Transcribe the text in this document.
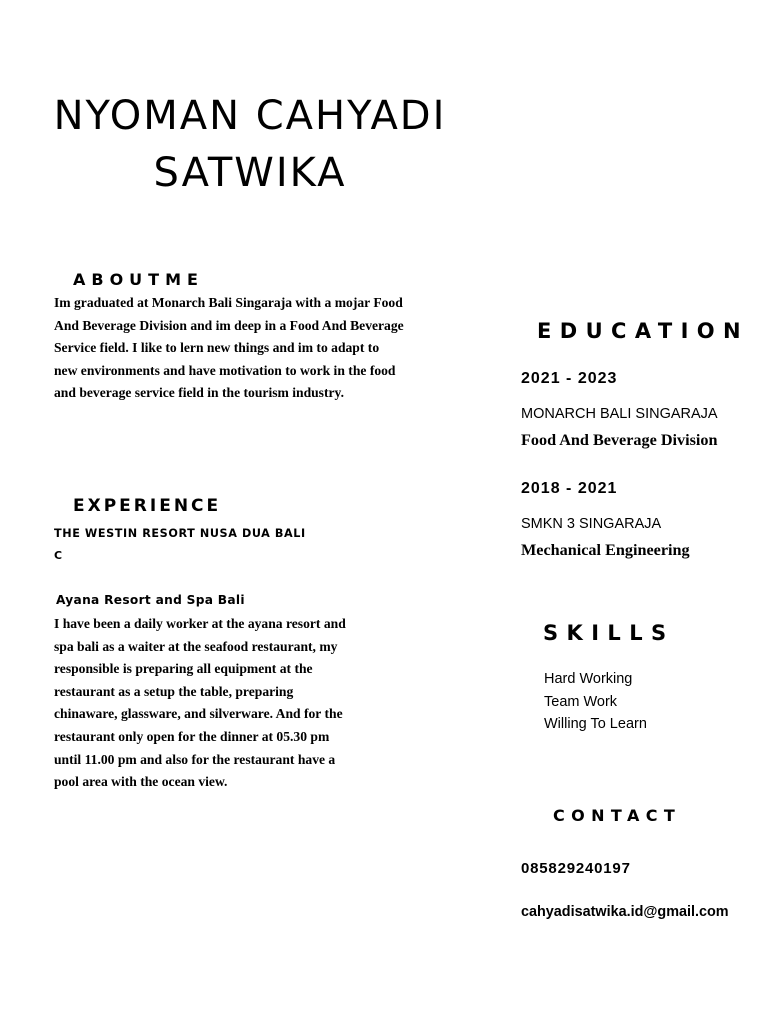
NYOMAN CAHYADI
SATWIKA
ABOUTME
Im graduated at Monarch Bali Singaraja with a mojar Food
And Beverage Division and im deep in a Food And Beverage
Service field. I like to lern new things and im to adapt to
new environments and have motivation to work in the food
and beverage service field in the tourism industry.
EXPERIENCE
THE WESTIN RESORT NUSA DUA BALI
C
Ayana Resort and Spa Bali
I have been a daily worker at the ayana resort and
spa bali as a waiter at the seafood restaurant, my
responsible is preparing all equipment at the
restaurant as a setup the table, preparing
chinaware, glassware, and silverware. And for the
restaurant only open for the dinner at 05.30 pm
until 11.00 pm and also for the restaurant have a
pool area with the ocean view.
EDUCATION
2021 - 2023
MONARCH BALI SINGARAJA
Food And Beverage Division
2018 - 2021
SMKN 3 SINGARAJA
Mechanical Engineering
SKILLS
Hard Working
Team Work
Willing To Learn
CONTACT
085829240197
cahyadisatwika.id@gmail.com
